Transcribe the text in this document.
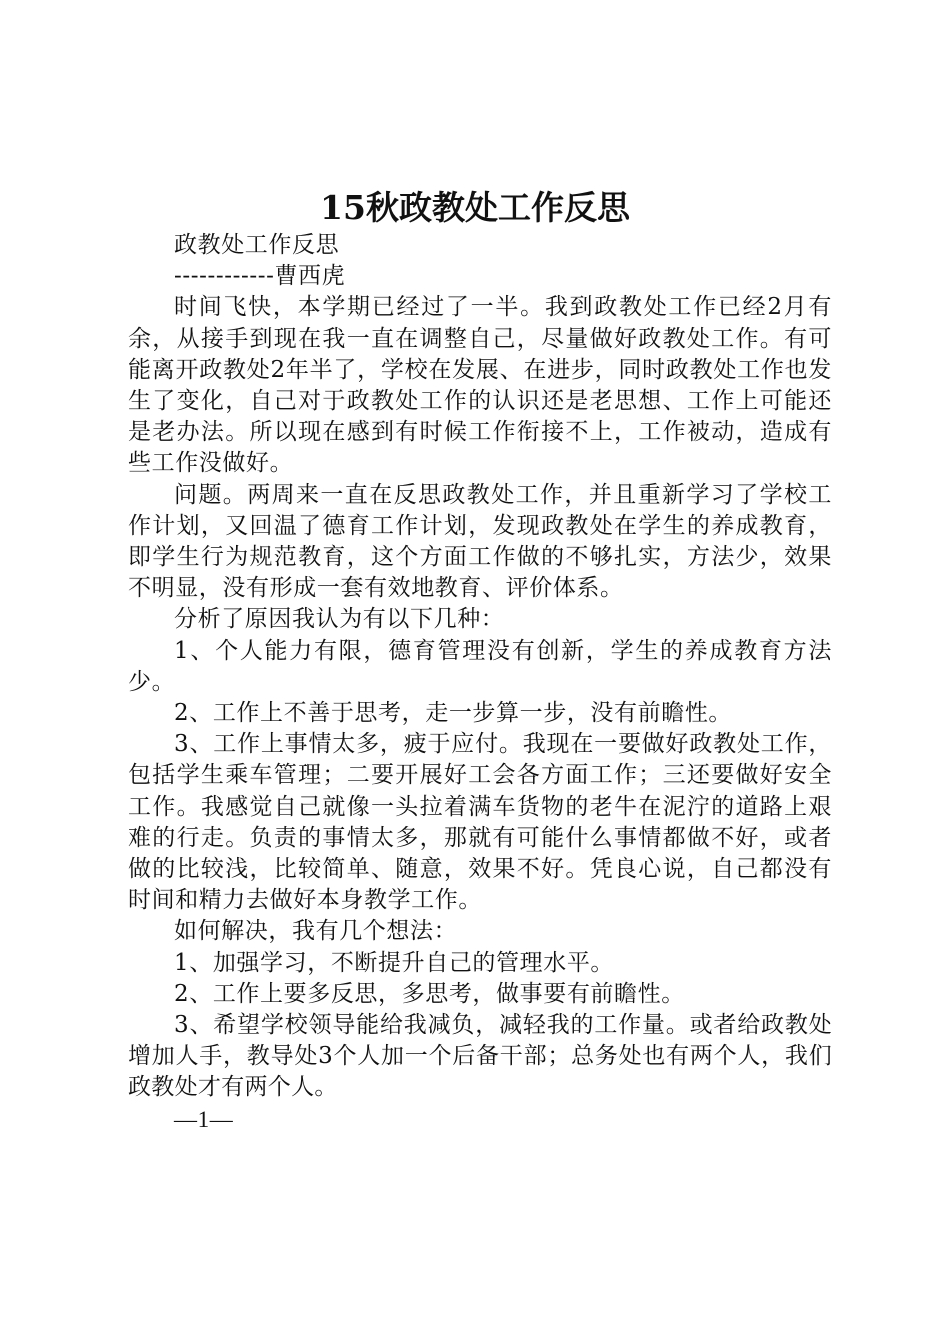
15秋政教处工作反思

政教处工作反思

------------曹西虎

时间飞快，本学期已经过了一半。我到政教处工作已经2月有余，从接手到现在我一直在调整自己，尽量做好政教处工作。有可能离开政教处2年半了，学校在发展、在进步，同时政教处工作也发生了变化，自己对于政教处工作的认识还是老思想、工作上可能还是老办法。所以现在感到有时候工作衔接不上，工作被动，造成有些工作没做好。

问题。两周来一直在反思政教处工作，并且重新学习了学校工作计划，又回温了德育工作计划，发现政教处在学生的养成教育，即学生行为规范教育，这个方面工作做的不够扎实，方法少，效果不明显，没有形成一套有效地教育、评价体系。

分析了原因我认为有以下几种：

1、个人能力有限，德育管理没有创新，学生的养成教育方法少。

2、工作上不善于思考，走一步算一步，没有前瞻性。

3、工作上事情太多，疲于应付。我现在一要做好政教处工作，包括学生乘车管理；二要开展好工会各方面工作；三还要做好安全工作。我感觉自己就像一头拉着满车货物的老牛在泥泞的道路上艰难的行走。负责的事情太多，那就有可能什么事情都做不好，或者做的比较浅，比较简单、随意，效果不好。凭良心说，自己都没有时间和精力去做好本身教学工作。

如何解决，我有几个想法：

1、加强学习，不断提升自己的管理水平。

2、工作上要多反思，多思考，做事要有前瞻性。

3、希望学校领导能给我减负，减轻我的工作量。或者给政教处增加人手，教导处3个人加一个后备干部；总务处也有两个人，我们政教处才有两个人。

—1—
